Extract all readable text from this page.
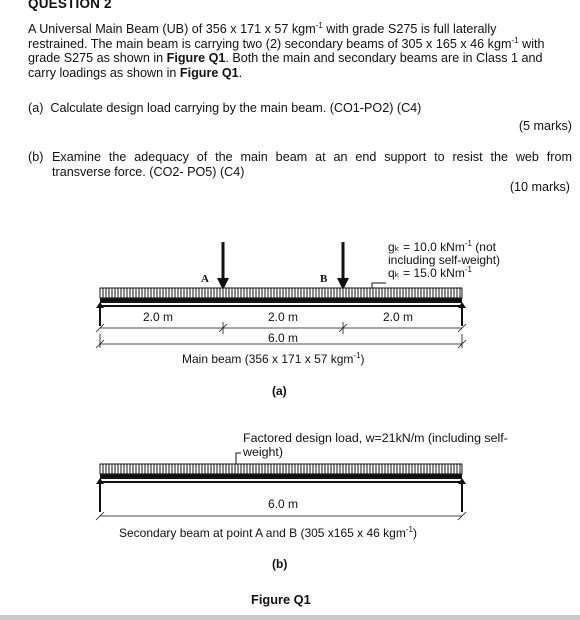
QUESTION 2
A Universal Main Beam (UB) of 356 x 171 x 57 kgm$^{-1}$ with grade S275 is full laterally
restrained. The main beam is carrying two (2) secondary beams of 305 x 165 x 46 kgm$^{-1}$ with
grade S275 as shown in Figure Q1. Both the main and secondary beams are in Class 1 and
carry loadings as shown in Figure Q1.
(a) Calculate design load carrying by the main beam. (CO1-PO2) (C4)
(5 marks)
(b) Examine the adequacy of the main beam at an end support to resist the web from
transverse force. (CO2- PO5) (C4)
(10 marks)
A	B
gₖ = 10.0 kNm$^{-1}$ (not
including self-weight)
qₖ = 15.0 kNm$^{-1}$
2.0 m	2.0 m	2.0 m
6.0 m
Main beam (356 x 171 x 57 kgm$^{-1}$)
(a)
Factored design load, w=21kN/m (including self-
weight)
6.0 m
Secondary beam at point A and B (305 x165 x 46 kgm$^{-1}$)
(b)
Figure Q1
